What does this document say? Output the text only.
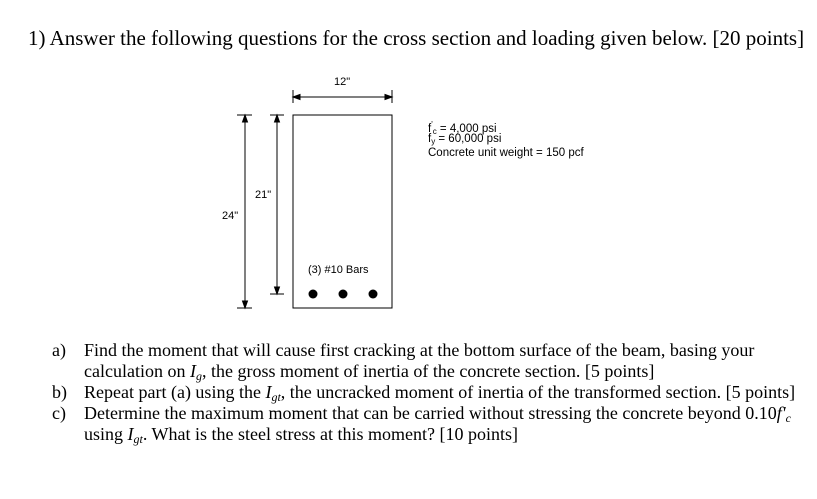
1) Answer the following questions for the cross section and loading given below. [20 points]
12"
21"
24"
(3) #10 Bars
$f'_c = 4,000$ psi
$f_y = 60,000$ psi
Concrete unit weight = 150 pcf
a) Find the moment that will cause first cracking at the bottom surface of the beam, basing your calculation on $I_g$, the gross moment of inertia of the concrete section. [5 points]
b) Repeat part (a) using the $I_{gt}$, the uncracked moment of inertia of the transformed section. [5 points]
c) Determine the maximum moment that can be carried without stressing the concrete beyond $0.10f'_c$ using $I_{gt}$. What is the steel stress at this moment? [10 points]
